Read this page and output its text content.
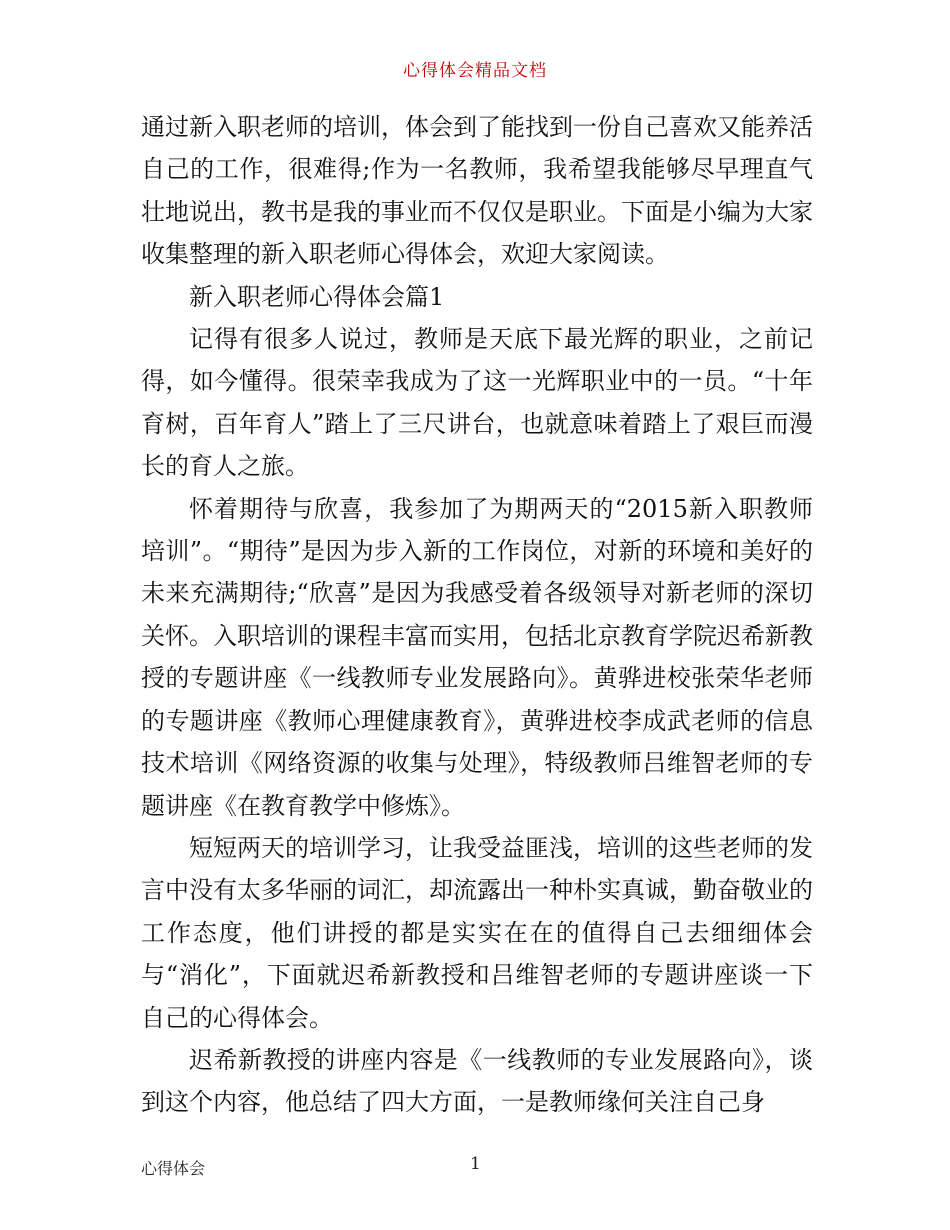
心得体会精品文档

通过新入职老师的培训，体会到了能找到一份自己喜欢又能养活自己的工作，很难得;作为一名教师，我希望我能够尽早理直气壮地说出，教书是我的事业而不仅仅是职业。下面是小编为大家收集整理的新入职老师心得体会，欢迎大家阅读。

新入职老师心得体会篇1

记得有很多人说过，教师是天底下最光辉的职业，之前记得，如今懂得。很荣幸我成为了这一光辉职业中的一员。“十年育树，百年育人”踏上了三尺讲台，也就意味着踏上了艰巨而漫长的育人之旅。

怀着期待与欣喜，我参加了为期两天的“2015新入职教师培训”。“期待”是因为步入新的工作岗位，对新的环境和美好的未来充满期待;“欣喜”是因为我感受着各级领导对新老师的深切关怀。入职培训的课程丰富而实用，包括北京教育学院迟希新教授的专题讲座《一线教师专业发展路向》。黄骅进校张荣华老师的专题讲座《教师心理健康教育》，黄骅进校李成武老师的信息技术培训《网络资源的收集与处理》，特级教师吕维智老师的专题讲座《在教育教学中修炼》。

短短两天的培训学习，让我受益匪浅，培训的这些老师的发言中没有太多华丽的词汇，却流露出一种朴实真诚，勤奋敬业的工作态度，他们讲授的都是实实在在的值得自己去细细体会与“消化”，下面就迟希新教授和吕维智老师的专题讲座谈一下自己的心得体会。

迟希新教授的讲座内容是《一线教师的专业发展路向》，谈到这个内容，他总结了四大方面，一是教师缘何关注自己身

心得体会	1
